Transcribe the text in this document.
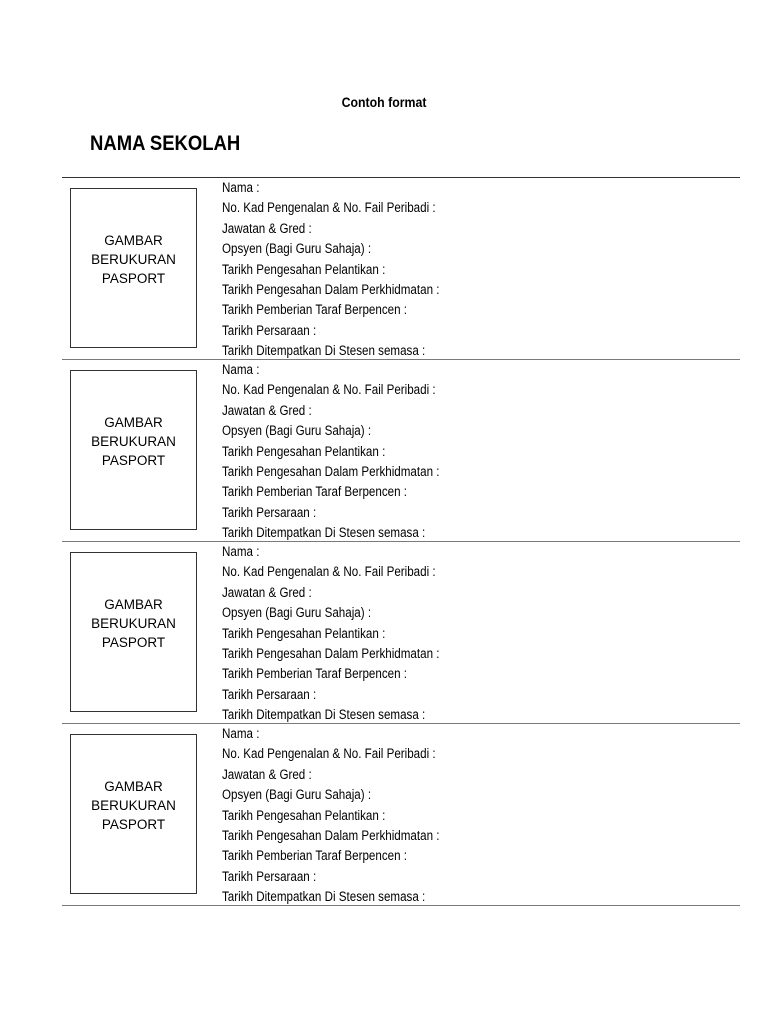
Contoh format
NAMA SEKOLAH
GAMBAR
BERUKURAN
PASPORT
Nama :
No. Kad Pengenalan & No. Fail Peribadi :
Jawatan & Gred :
Opsyen (Bagi Guru Sahaja) :
Tarikh Pengesahan Pelantikan :
Tarikh Pengesahan Dalam Perkhidmatan :
Tarikh Pemberian Taraf Berpencen :
Tarikh Persaraan :
Tarikh Ditempatkan Di Stesen semasa :
GAMBAR
BERUKURAN
PASPORT
Nama :
No. Kad Pengenalan & No. Fail Peribadi :
Jawatan & Gred :
Opsyen (Bagi Guru Sahaja) :
Tarikh Pengesahan Pelantikan :
Tarikh Pengesahan Dalam Perkhidmatan :
Tarikh Pemberian Taraf Berpencen :
Tarikh Persaraan :
Tarikh Ditempatkan Di Stesen semasa :
GAMBAR
BERUKURAN
PASPORT
Nama :
No. Kad Pengenalan & No. Fail Peribadi :
Jawatan & Gred :
Opsyen (Bagi Guru Sahaja) :
Tarikh Pengesahan Pelantikan :
Tarikh Pengesahan Dalam Perkhidmatan :
Tarikh Pemberian Taraf Berpencen :
Tarikh Persaraan :
Tarikh Ditempatkan Di Stesen semasa :
GAMBAR
BERUKURAN
PASPORT
Nama :
No. Kad Pengenalan & No. Fail Peribadi :
Jawatan & Gred :
Opsyen (Bagi Guru Sahaja) :
Tarikh Pengesahan Pelantikan :
Tarikh Pengesahan Dalam Perkhidmatan :
Tarikh Pemberian Taraf Berpencen :
Tarikh Persaraan :
Tarikh Ditempatkan Di Stesen semasa :
